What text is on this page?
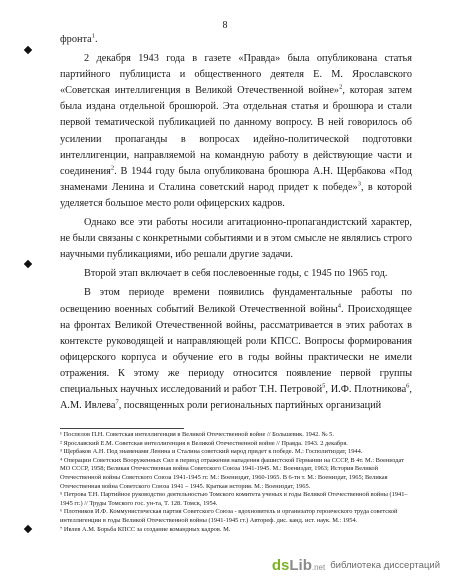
8

фронта$^1$.

2 декабря 1943 года в газете «Правда» была опубликована статья партийного публициста и общественного деятеля Е. М. Ярославского «Советская интеллигенция в Великой Отечественной войне»$^2$, которая затем была издана отдельной брошюрой. Эта отдельная статья и брошюра и стали первой тематической публикацией по данному вопросу. В ней говорилось об усилении пропаганды в вопросах идейно-политической подготовки интеллигенции, направляемой на командную работу в действующие части и соединения$^2$. В 1944 году была опубликована брошюра А.Н. Щербакова «Под знаменами Ленина и Сталина советский народ придет к победе»$^3$, в которой уделяется большое место роли офицерских кадров.

Однако все эти работы носили агитационно-пропагандистский характер, не были связаны с конкретными событиями и в этом смысле не являлись строго научными публикациями, ибо решали другие задачи.

Второй этап включает в себя послевоенные годы, с 1945 по 1965 год.

В этом периоде времени появились фундаментальные работы по освещению военных событий Великой Отечественной войны$^4$. Происходящее на фронтах Великой Отечественной войны, рассматривается в этих работах в контексте руководящей и направляющей роли КПСС. Вопросы формирования офицерского корпуса и обучение его в годы войны практически не имели отражения. К этому же периоду относится появление первой группы специальных научных исследований и работ Т.Н. Петровой$^5$, И.Ф. Плотникова$^6$, А.М. Ивлева$^7$, посвященных роли региональных партийных организаций

¹ Поспелов П.Н. Советская интеллигенция в Великой Отечественной войне // Большевик. 1942. № 5.

² Ярославский Е.М. Советская интеллигенция в Великой Отечественной войне // Правда. 1943. 2 декабря.

³ Щербаков А.Н. Под знаменами Ленина и Сталина советский народ придет к победе. М.: Госполитиздат, 1944.

⁴ Операции Советских Вооруженных Сил в период отражения нападения фашистской Германии на СССР, В 4т. М.: Воениздат МО СССР, 1958; Великая Отечественная война Советского Союза 1941-1945. М.: Воениздат, 1963; История Великой Отечественной войны Советского Союза 1941-1945 гг. М.: Воениздат, 1960-1965. В 6-ти т. М.: Воениздат, 1965; Великая Отечественная война Советского Союза 1941 – 1945. Краткая история. М.: Воениздат, 1965.

⁵ Петрова Т.Н. Партийное руководство деятельностью Томского комитета ученых в годы Великой Отечественной войны (1941–1945 гг.) // Труды Томского гос. ун-та, Т. 128. Томск, 1954.

⁶ Плотников И.Ф. Коммунистическая партия Советского Союза - вдохновитель и организатор героического труда советской интеллигенции в годы Великой Отечественной войны (1941-1945 гг.) Автореф. дис. канд. ист. наук. М.: 1954.

⁷ Ивлев А.М. Борьба КПСС за создание командных кадров. М.

ds Lib .net библиотека диссертаций
